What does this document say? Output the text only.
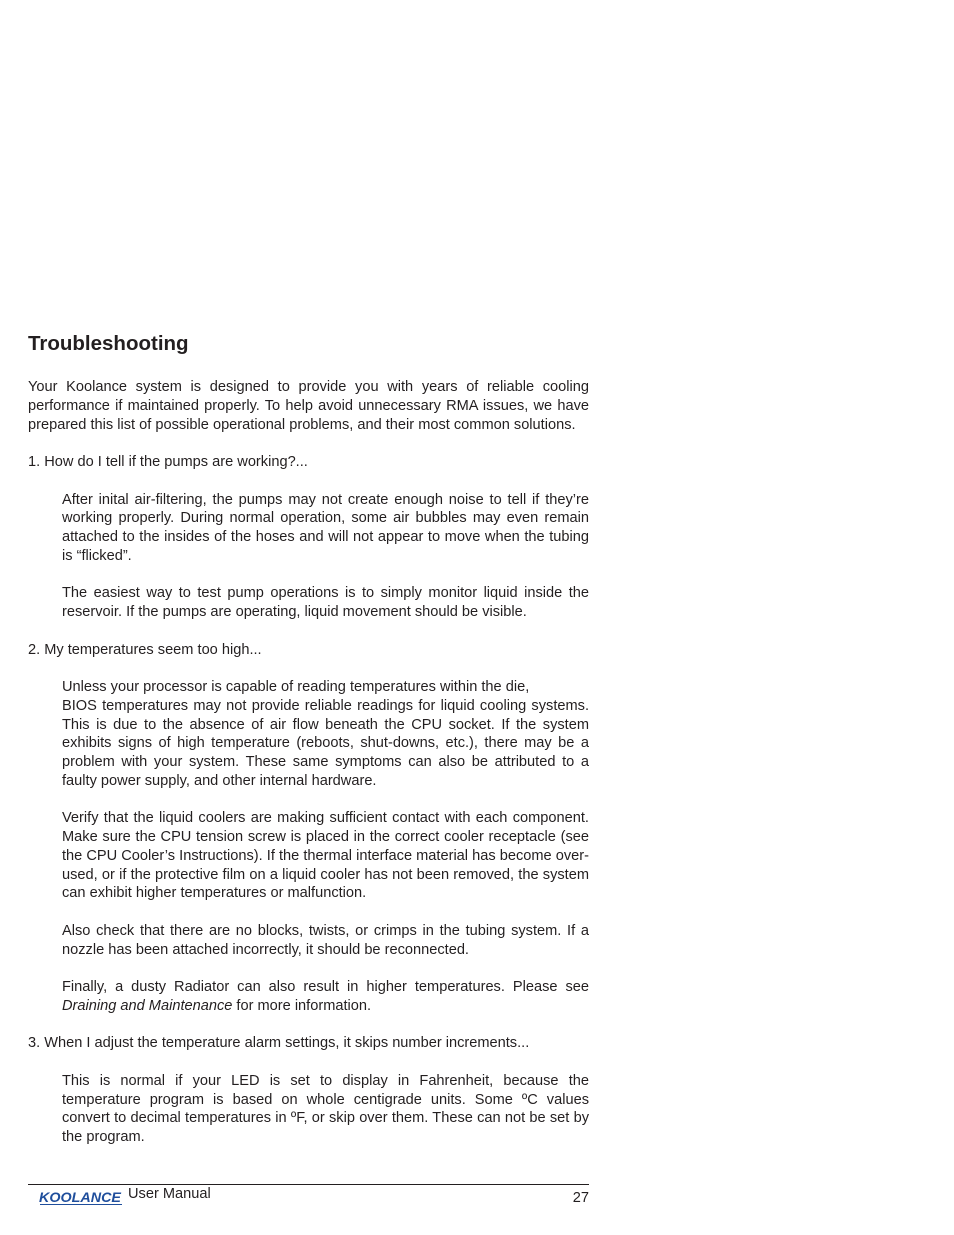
Troubleshooting

Your Koolance system is designed to provide you with years of reliable cooling performance if maintained properly. To help avoid unnecessary RMA issues, we have prepared this list of possible operational problems, and their most common solutions.

1. How do I tell if the pumps are working?...

After inital air-filtering, the pumps may not create enough noise to tell if they’re working properly. During normal operation, some air bubbles may even remain attached to the insides of the hoses and will not appear to move when the tubing is “flicked”.

The easiest way to test pump operations is to simply monitor liquid inside the reservoir. If the pumps are operating, liquid movement should be visible.

2. My temperatures seem too high...

Unless your processor is capable of reading temperatures within the die,
BIOS temperatures may not provide reliable readings for liquid cooling systems. This is due to the absence of air flow beneath the CPU socket. If the system exhibits signs of high temperature (reboots, shut-downs, etc.), there may be a problem with your system. These same symptoms can also be attributed to a faulty power supply, and other internal hardware.

Verify that the liquid coolers are making sufficient contact with each component. Make sure the CPU tension screw is placed in the correct cooler receptacle (see the CPU Cooler’s Instructions). If the thermal interface material has become over-used, or if the protective film on a liquid cooler has not been removed, the system can exhibit higher temperatures or malfunction.

Also check that there are no blocks, twists, or crimps in the tubing system. If a nozzle has been attached incorrectly, it should be reconnected.

Finally, a dusty Radiator can also result in higher temperatures. Please see Draining and Maintenance for more information.

3. When I adjust the temperature alarm settings, it skips number increments...

This is normal if your LED is set to display in Fahrenheit, because the temperature program is based on whole centigrade units. Some ºC values convert to decimal temperatures in ºF, or skip over them. These can not be set by the program.

KOOLANCE User Manual	27
